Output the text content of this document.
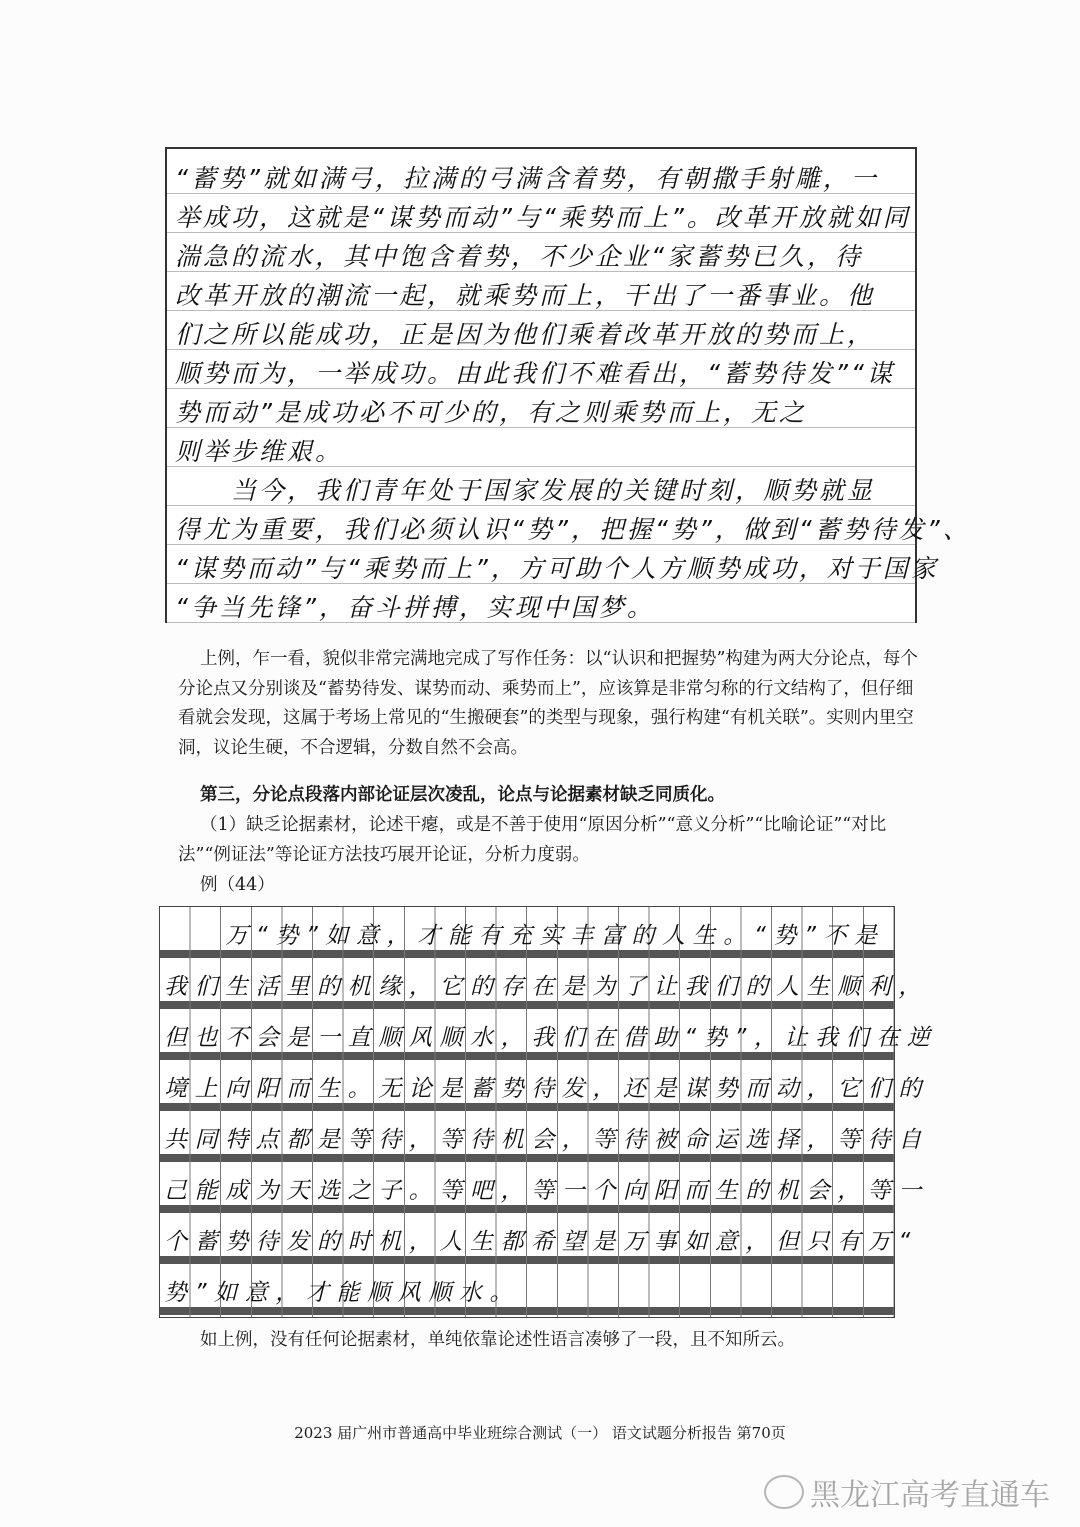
“蓄势”就如满弓，拉满的弓满含着势，有朝撒手射雕，一
举成功，这就是“谋势而动”与“乘势而上”。改革开放就如同
湍急的流水，其中饱含着势，不少企业“家蓄势已久，待
改革开放的潮流一起，就乘势而上，干出了一番事业。他
们之所以能成功，正是因为他们乘着改革开放的势而上，
顺势而为，一举成功。由此我们不难看出，“蓄势待发”“谋
势而动”是成功必不可少的，有之则乘势而上，无之
则举步维艰。
　　当今，我们青年处于国家发展的关键时刻，顺势就显
得尤为重要，我们必须认识“势”，把握“势”，做到“蓄势待发”、
“谋势而动”与“乘势而上”，方可助个人方顺势成功，对于国家
“争当先锋”，奋斗拼搏，实现中国梦。
上例，乍一看，貌似非常完满地完成了写作任务：以“认识和把握势”构建为两大分论点，每个分论点又分别谈及“蓄势待发、谋势而动、乘势而上”，应该算是非常匀称的行文结构了，但仔细看就会发现，这属于考场上常见的“生搬硬套”的类型与现象，强行构建“有机关联”。实则内里空洞，议论生硬，不合逻辑，分数自然不会高。
第三，分论点段落内部论证层次凌乱，论点与论据素材缺乏同质化。
（1）缺乏论据素材，论述干瘪，或是不善于使用“原因分析”“意义分析”“比喻论证”“对比法”“例证法”等论证方法技巧展开论证，分析力度弱。
例（44）
　　万“势”如意，才能有充实丰富的人生。“势”不是
我们生活里的机缘，它的存在是为了让我们的人生顺利，
但也不会是一直顺风顺水，我们在借助“势”，让我们在逆
境上向阳而生。无论是蓄势待发，还是谋势而动，它们的
共同特点都是等待，等待机会，等待被命运选择，等待自
己能成为天选之子。等吧，等一个向阳而生的机会，等一
个蓄势待发的时机，人生都希望是万事如意，但只有万“
势”如意，才能顺风顺水。
如上例，没有任何论据素材，单纯依靠论述性语言凑够了一段，且不知所云。
2023 届广州市普通高中毕业班综合测试（一） 语文试题分析报告 第70页
黑龙江高考直通车
